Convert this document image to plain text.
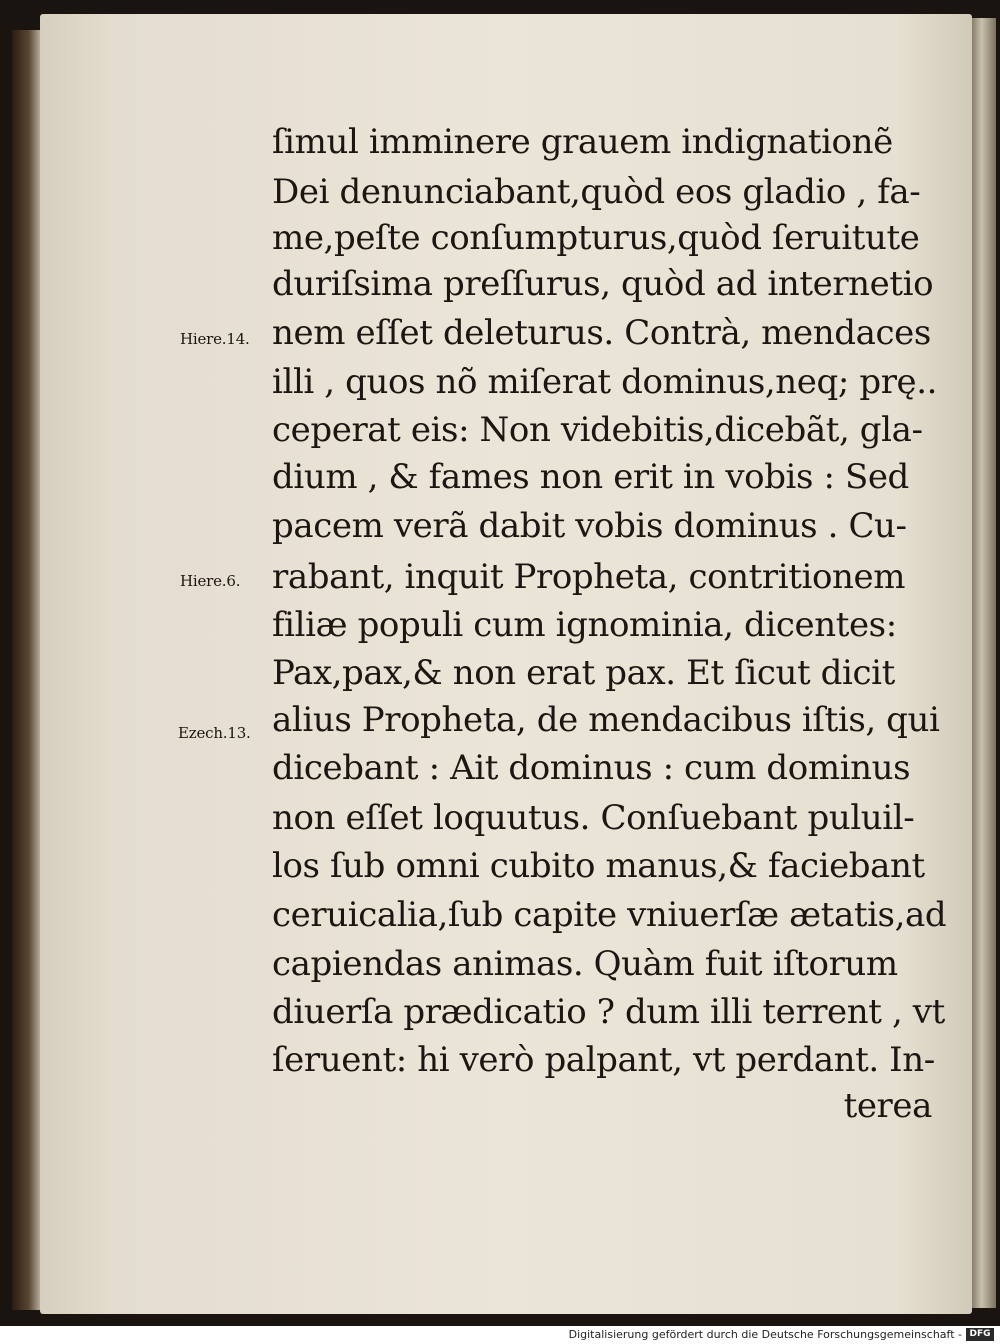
ſimul imminere grauem indignationẽ
Dei denunciabant,quòd eos gladio , fa-
me,peſte conſumpturus,quòd ſeruitute
duriſsima preſſurus, quòd ad internetio
nem eſſet deleturus. Contrà, mendaces
illi , quos nõ miſerat dominus,neq; prę..
ceperat eis: Non videbitis,dicebãt, gla-
dium , & fames non erit in vobis : Sed
pacem verã dabit vobis dominus . Cu-
rabant, inquit Propheta, contritionem
filiæ populi cum ignominia, dicentes:
Pax,pax,& non erat pax. Et ſicut dicit
alius Propheta, de mendacibus iſtis, qui
dicebant : Ait dominus : cum dominus
non eſſet loquutus. Conſuebant puluil-
los ſub omni cubito manus,& faciebant
ceruicalia,ſub capite vniuerſæ ætatis,ad
capiendas animas. Quàm fuit iſtorum
diuerſa prædicatio ? dum illi terrent , vt
ſeruent: hi verò palpant, vt perdant. In-
terea
Hiere.14.
Hiere.6.
Ezech.13.
Digitalisierung gefördert durch die Deutsche Forschungsgemeinschaft - DFG
